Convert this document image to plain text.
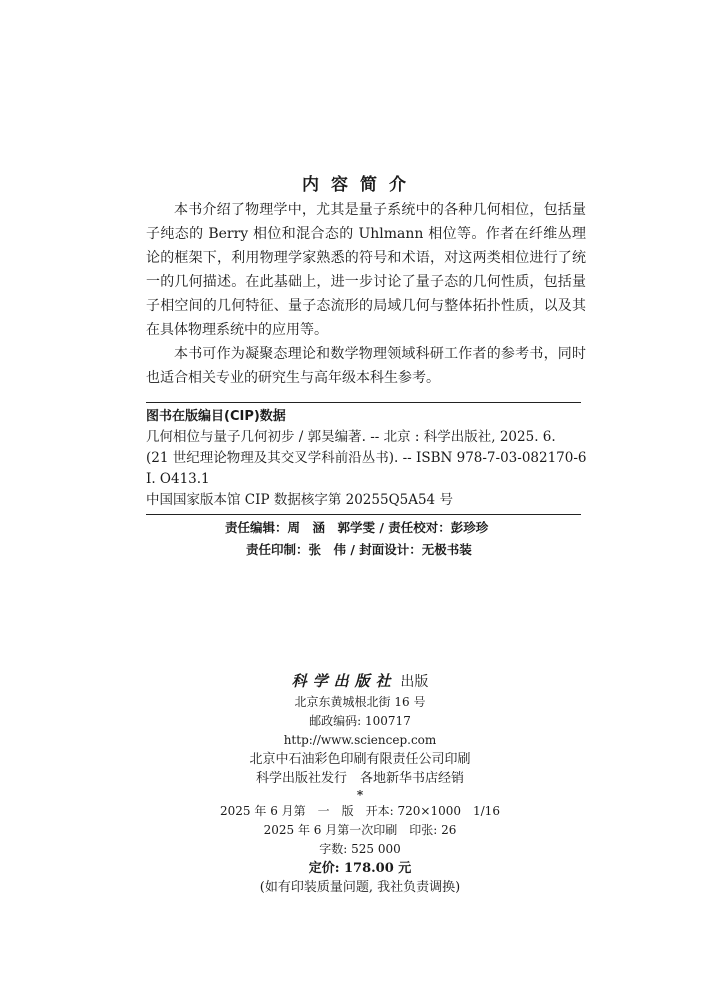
内容简介

本书介绍了物理学中，尤其是量子系统中的各种几何相位，包括量子纯态的 Berry 相位和混合态的 Uhlmann 相位等。作者在纤维丛理论的框架下，利用物理学家熟悉的符号和术语，对这两类相位进行了统一的几何描述。在此基础上，进一步讨论了量子态的几何性质，包括量子相空间的几何特征、量子态流形的局域几何与整体拓扑性质，以及其在具体物理系统中的应用等。

本书可作为凝聚态理论和数学物理领域科研工作者的参考书，同时也适合相关专业的研究生与高年级本科生参考。

图书在版编目(CIP)数据
几何相位与量子几何初步 / 郭昊编著. -- 北京 : 科学出版社, 2025. 6.
(21 世纪理论物理及其交叉学科前沿丛书). -- ISBN 978-7-03-082170-6
Ⅰ. O413.1
中国国家版本馆 CIP 数据核字第 20255Q5A54 号
责任编辑：周　涵　郭学雯 / 责任校对：彭珍珍
责任印制：张　伟 / 封面设计：无极书装
科学出版社 出版
北京东黄城根北街 16 号
邮政编码: 100717
http://www.sciencep.com
北京中石油彩色印刷有限责任公司印刷
科学出版社发行　各地新华书店经销
*
2025 年 6 月第　一　版　开本: 720×1000　1/16
2025 年 6 月第一次印刷　印张: 26
字数: 525 000
定价: 178.00 元
(如有印装质量问题, 我社负责调换)
